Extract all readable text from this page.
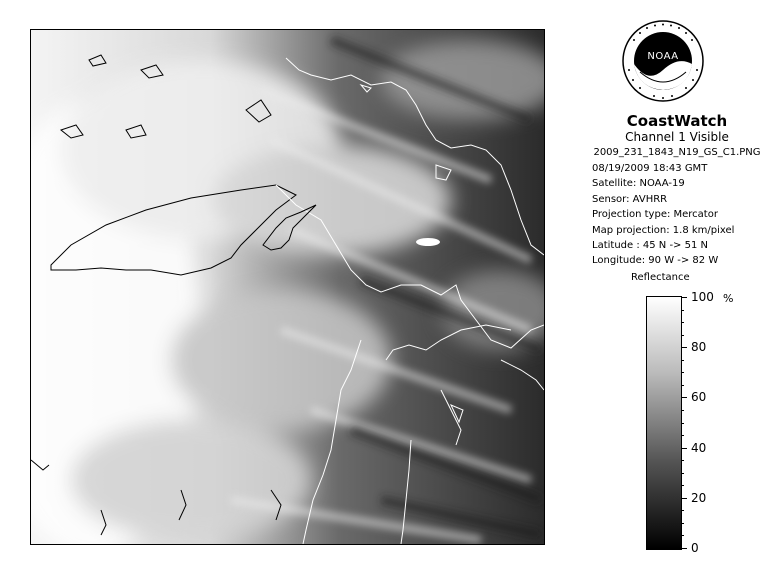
NOAA
CoastWatch
Channel 1 Visible
2009_231_1843_N19_GS_C1.PNG
08/19/2009 18:43 GMT
Satellite: NOAA-19
Sensor: AVHRR
Projection type: Mercator
Map projection: 1.8 km/pixel
Latitude : 45 N -> 51 N
Longitude: 90 W -> 82 W
Reflectance
%
100
80
60
40
20
0
